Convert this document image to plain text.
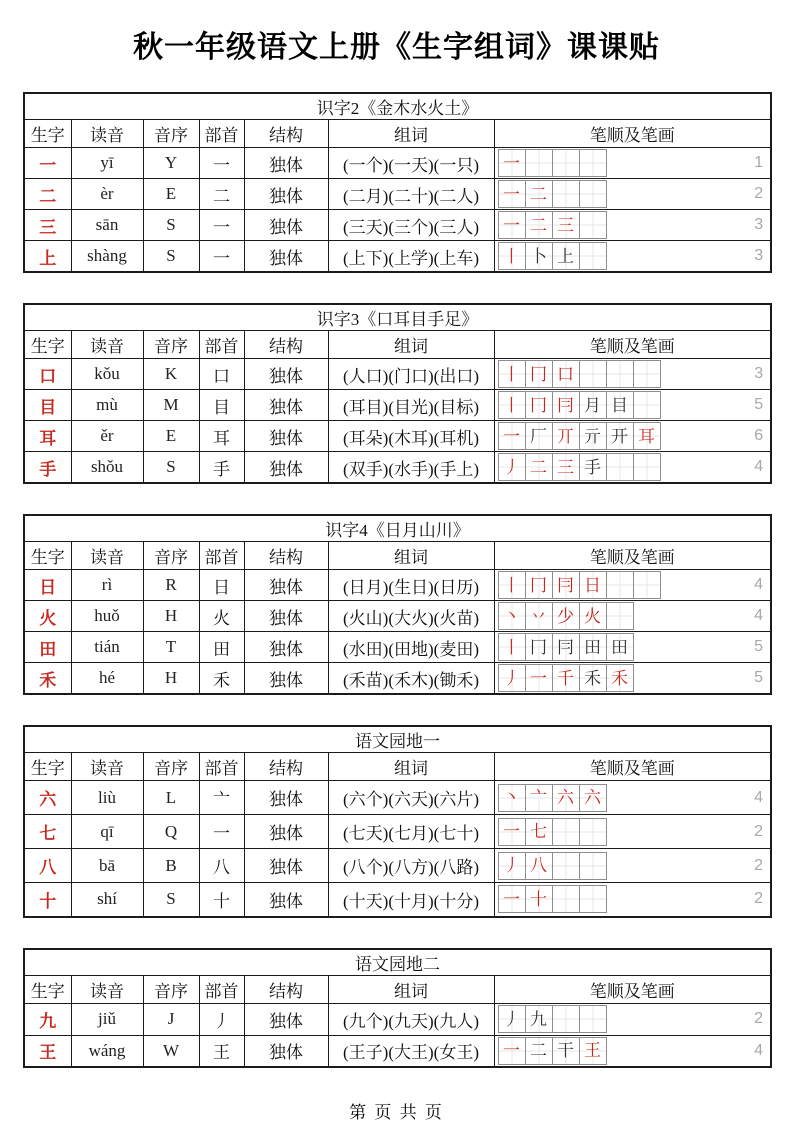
秋一年级语文上册《生字组词》课课贴
识字2《金木水火土》						
生字	读音	音序	部首	结构	组词	笔顺及笔画
一	yī	Y	一	独体	(一个)(一天)(一只)	一 1

二	èr	E	二	独体	(二月)(二十)(二人)	一 二 2

三	sān	S	一	独体	(三天)(三个)(三人)	一 二 三 3

上	shàng	S	一	独体	(上下)(上学)(上车)	丨 卜 上 3
识字3《口耳目手足》						
生字	读音	音序	部首	结构	组词	笔顺及笔画
口	kǒu	K	口	独体	(人口)(门口)(出口)	丨 冂 口 3

目	mù	M	目	独体	(耳目)(目光)(目标)	丨 冂 冃 月 目	5

耳	ěr	E	耳	独体	(耳朵)(木耳)(耳机)	一 厂 丌 亓 开 耳	6

手	shǒu	S	手	独体	(双手)(水手)(手上)	丿 二 三 手 4
识字4《日月山川》						
生字	读音	音序	部首	结构	组词	笔顺及笔画
日	rì	R	日	独体	(日月)(生日)(日历)	丨 冂 冃 日 4

火	huǒ	H	火	独体	(火山)(大火)(火苗)	丶 丷 少 火 4

田	tián	T	田	独体	(水田)(田地)(麦田)	丨 冂 冃 田 田	5

禾	hé	H	禾	独体	(禾苗)(禾木)(锄禾)	丿 一 千 禾 禾	5
语文园地一						
生字	读音	音序	部首	结构	组词	笔顺及笔画
六	liù	L	亠	独体	(六个)(六天)(六片)	丶 亠 六 六 4

七	qī	Q	一	独体	(七天)(七月)(七十)	一 七 2

八	bā	B	八	独体	(八个)(八方)(八路)	丿 八 2

十	shí	S	十	独体	(十天)(十月)(十分)	一 十 2
语文园地二						
生字	读音	音序	部首	结构	组词	笔顺及笔画
九	jiǔ	J	丿	独体	(九个)(九天)(九人)	丿 九 2

王	wáng	W	王	独体	(王子)(大王)(女王)	一 二 干 王 4
第 页 共 页
